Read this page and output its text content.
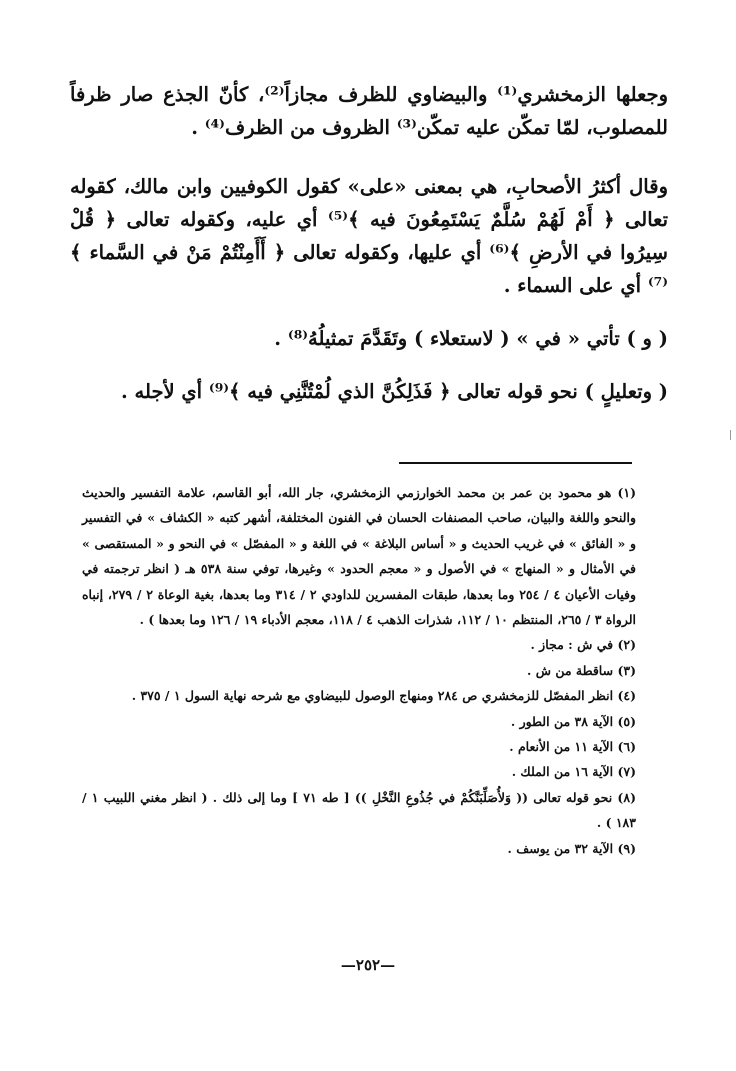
وجعلها الزمخشري⁽¹⁾ والبيضاوي للظرف مجازاً⁽²⁾، كأنّ الجذع صار ظرفاً للمصلوب، لمّا تمكّن عليه تمكّن⁽³⁾ الظروف من الظرف⁽⁴⁾ .

وقال أكثرُ الأصحابِ، هي بمعنى «على» كقول الكوفيين وابن مالك، كقوله تعالى ﴿ أَمْ لَهُمْ سُلَّمٌ يَسْتَمِعُونَ فيه ﴾⁽⁵⁾ أي عليه، وكقوله تعالى ﴿ قُلْ سِيرُوا في الأرضِ ﴾⁽⁶⁾ أي عليها، وكقوله تعالى ﴿ أَأَمِنْتُمْ مَنْ في السَّماء ﴾⁽⁷⁾ أي على السماء .

( و ) تأتي « في » ( لاستعلاء ) وتَقَدَّمَ تمثيلُهُ⁽⁸⁾ .

( وتعليلٍ ) نحو قوله تعالى ﴿ فَذَلِكُنَّ الذي لُمْتُنَّنِي فيه ﴾⁽⁹⁾ أي لأجله .

(١) هو محمود بن عمر بن محمد الخوارزمي الزمخشري، جار الله، أبو القاسم، علامة التفسير والحديث والنحو واللغة والبيان، صاحب المصنفات الحسان في الفنون المختلفة، أشهر كتبه « الكشاف » في التفسير و « الفائق » في غريب الحديث و « أساس البلاغة » في اللغة و « المفصّل » في النحو و « المستقصى » في الأمثال و « المنهاج » في الأصول و « معجم الحدود » وغيرها، توفي سنة ٥٣٨ هـ ( انظر ترجمته في وفيات الأعيان ٤ / ٢٥٤ وما بعدها، طبقات المفسرين للداودي ٢ / ٣١٤ وما بعدها، بغية الوعاة ٢ / ٢٧٩، إنباه الرواة ٣ / ٢٦٥، المنتظم ١٠ / ١١٢، شذرات الذهب ٤ / ١١٨، معجم الأدباء ١٩ / ١٢٦ وما بعدها ) .

(٢) في ش : مجاز .

(٣) ساقطة من ش .

(٤) انظر المفصّل للزمخشري ص ٢٨٤ ومنهاج الوصول للبيضاوي مع شرحه نهاية السول ١ / ٣٧٥ .

(٥) الآية ٣٨ من الطور .

(٦) الآية ١١ من الأنعام .

(٧) الآية ١٦ من الملك .

(٨) نحو قوله تعالى (( وَلأُصَلِّبَنَّكُمْ في جُذُوعِ النَّخْلِ )) [ طه ٧١ ] وما إلى ذلك . ( انظر مغني اللبيب ١ / ١٨٣ ) .

(٩) الآية ٣٢ من يوسف .

—٢٥٢—
